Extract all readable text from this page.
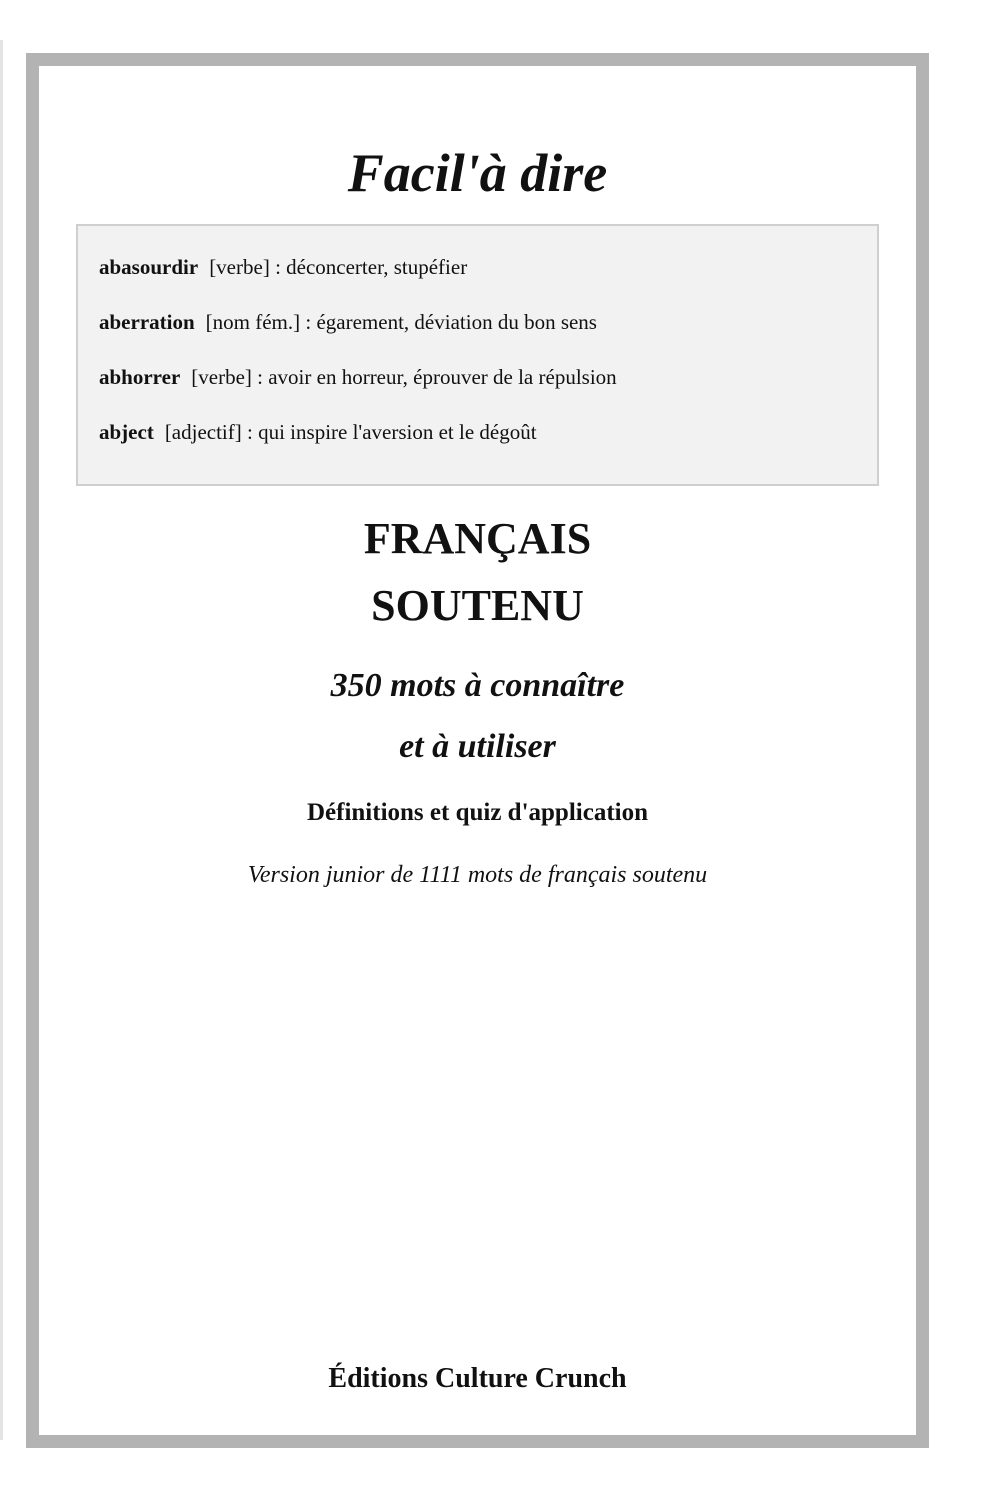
Facil'à dire
abasourdir [verbe] : déconcerter, stupéfier
aberration [nom fém.] : égarement, déviation du bon sens
abhorrer [verbe] : avoir en horreur, éprouver de la répulsion
abject [adjectif] : qui inspire l'aversion et le dégoût
FRANÇAIS
SOUTENU
350 mots à connaître
et à utiliser
Définitions et quiz d'application
Version junior de 1111 mots de français soutenu
Éditions Culture Crunch
